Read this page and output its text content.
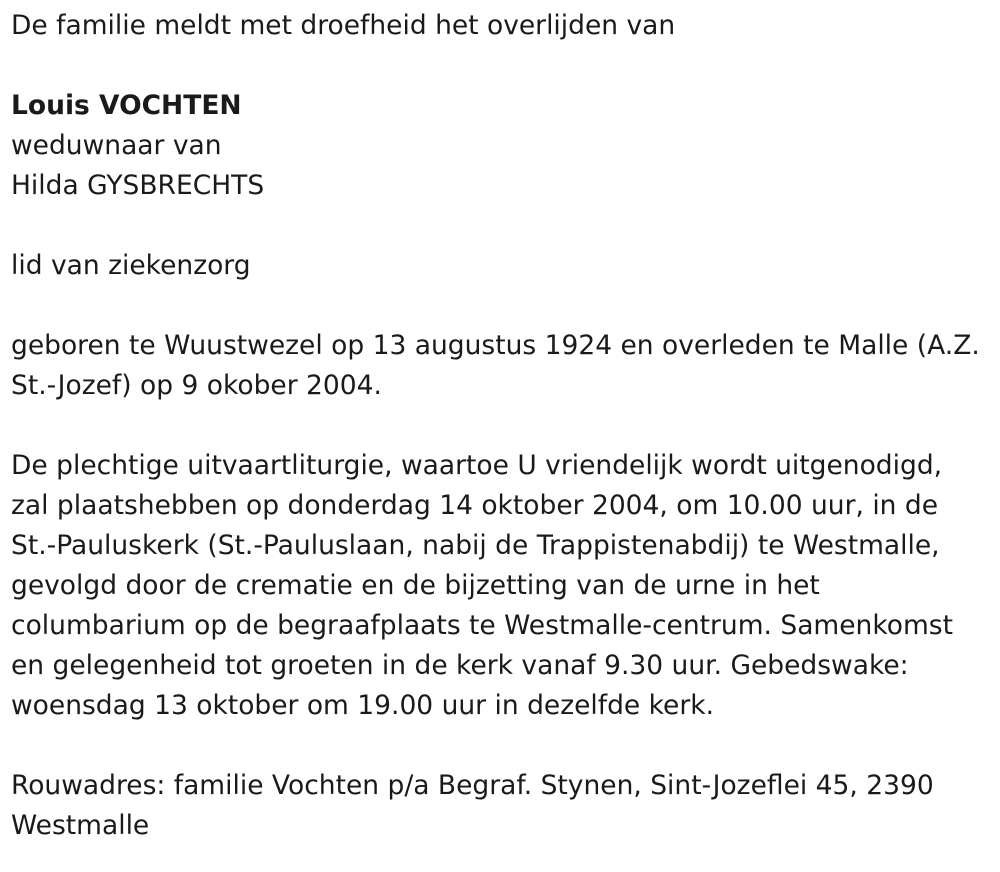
De familie meldt met droefheid het overlijden van

Louis VOCHTEN

weduwnaar van

Hilda GYSBRECHTS

lid van ziekenzorg

geboren te Wuustwezel op 13 augustus 1924 en overleden te Malle (A.Z.

St.-Jozef) op 9 okober 2004.

De plechtige uitvaartliturgie, waartoe U vriendelijk wordt uitgenodigd,

zal plaatshebben op donderdag 14 oktober 2004, om 10.00 uur, in de

St.-Pauluskerk (St.-Pauluslaan, nabij de Trappistenabdij) te Westmalle,

gevolgd door de crematie en de bijzetting van de urne in het

columbarium op de begraafplaats te Westmalle-centrum. Samenkomst

en gelegenheid tot groeten in de kerk vanaf 9.30 uur. Gebedswake:

woensdag 13 oktober om 19.00 uur in dezelfde kerk.

Rouwadres: familie Vochten p/a Begraf. Stynen, Sint-Jozeflei 45, 2390

Westmalle
